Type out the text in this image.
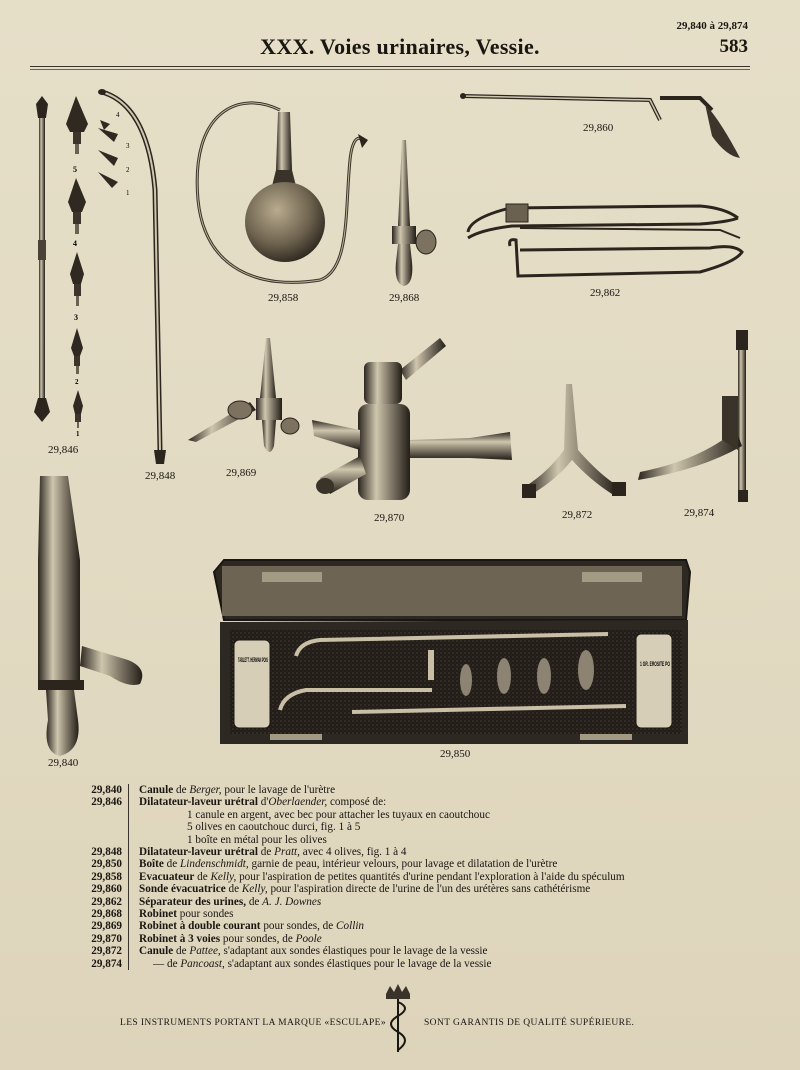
29,840 à 29,874
583
XXX. Voies urinaires, Vessie.
5
4
3
2
1
4
3
2
1
TABLETT. HERMAN POIS
1 GR. EROSITE PO
29,860
29,858	29,868	29,862
29,846
29,848	29,869
29,870	29,872	29,874
29,840
29,850
29,840	Canule de Berger, pour le lavage de l'urètre
29,846	Dilatateur-laveur urétral d'Oberlaender, composé de:
1 canule en argent, avec bec pour attacher les tuyaux en caoutchouc
5 olives en caoutchouc durci, fig. 1 à 5
1 boîte en métal pour les olives
29,848	Dilatateur-laveur urétral de Pratt, avec 4 olives, fig. 1 à 4
29,850	Boîte de Lindenschmidt, garnie de peau, intérieur velours, pour lavage et dilatation de l'urètre
29,858	Evacuateur de Kelly, pour l'aspiration de petites quantités d'urine pendant l'exploration à l'aide du spéculum
29,860	Sonde évacuatrice de Kelly, pour l'aspiration directe de l'urine de l'un des urétères sans cathétérisme
29,862	Séparateur des urines, de A. J. Downes
29,868	Robinet pour sondes
29,869	Robinet à double courant pour sondes, de Collin
29,870	Robinet à 3 voies pour sondes, de Poole
29,872	Canule de Pattee, s'adaptant aux sondes élastiques pour le lavage de la vessie
29,874	— de Pancoast, s'adaptant aux sondes élastiques pour le lavage de la vessie
LES INSTRUMENTS PORTANT LA MARQUE «ESCULAPE»	SONT GARANTIS DE QUALITÉ SUPÉRIEURE.
